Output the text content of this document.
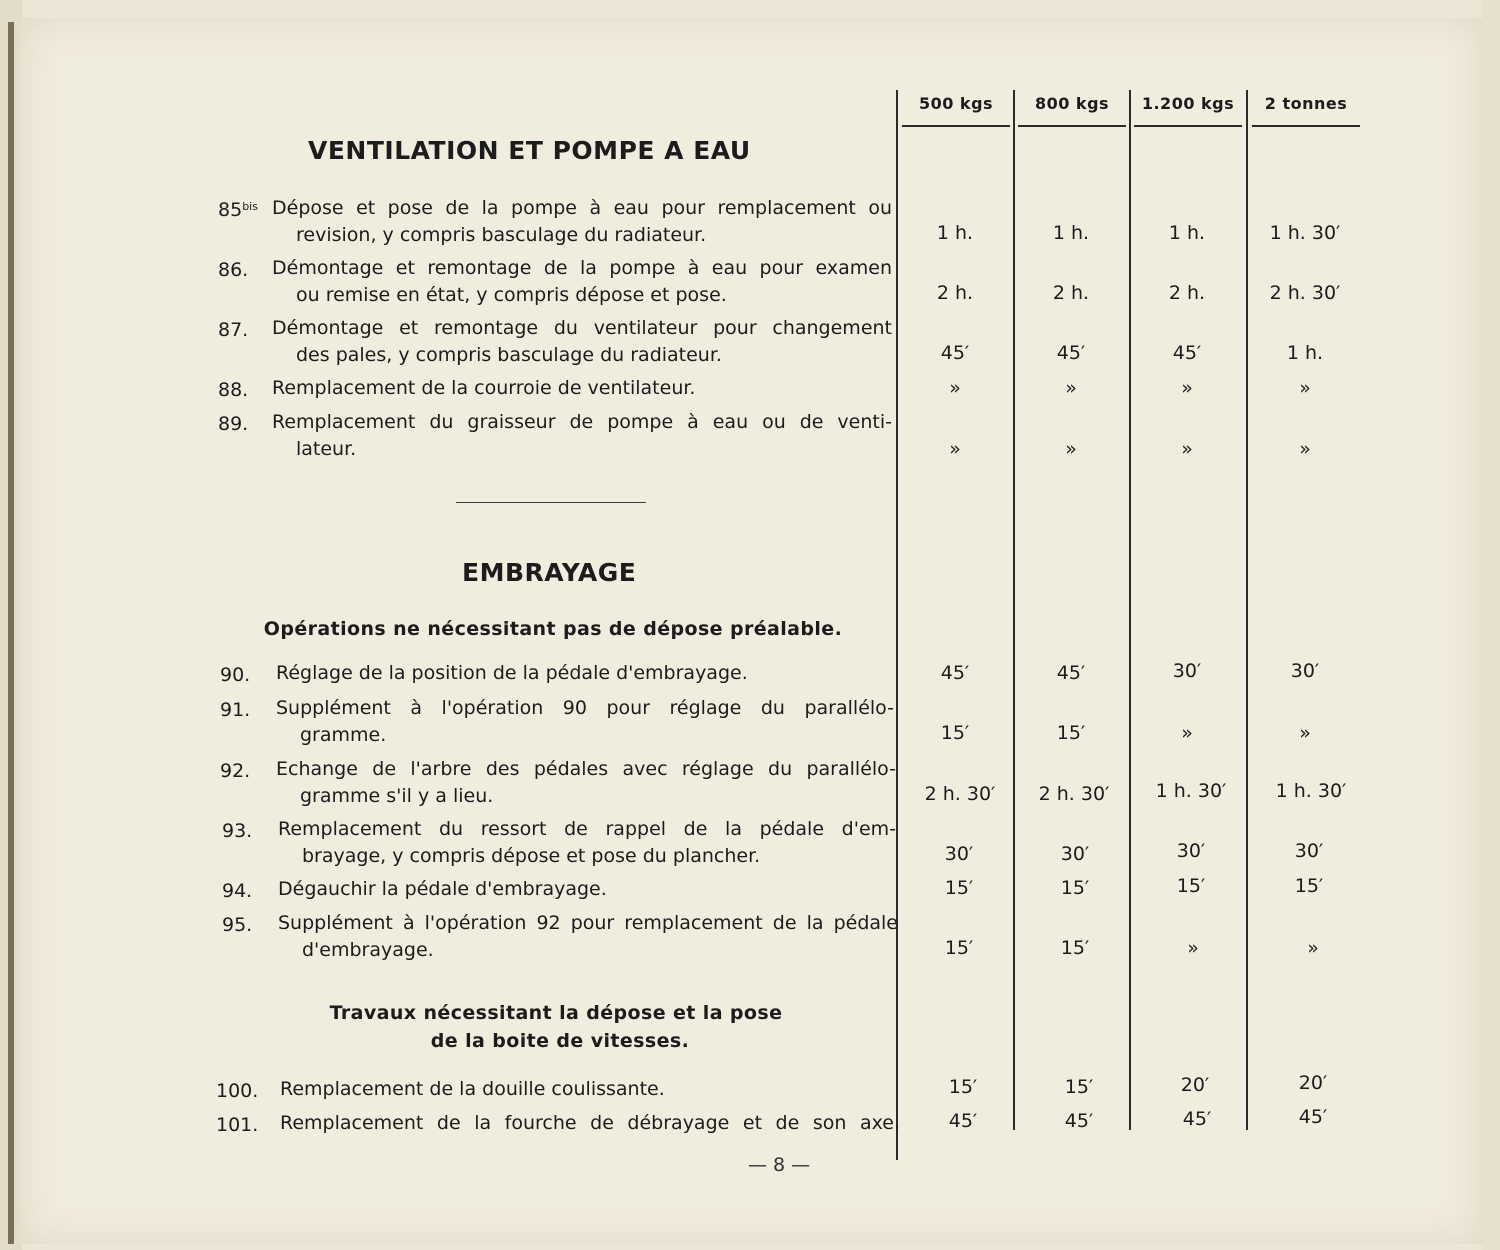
500 kgs	800 kgs	1.200 kgs	2 tonnes
VENTILATION ET POMPE A EAU
$85^{bis}$ Dépose et pose de la pompe à eau pour remplacement ou
revision, y compris basculage du radiateur.	1 h.	1 h.	1 h.	1 h. 30′
86. Démontage et remontage de la pompe à eau pour examen
ou remise en état, y compris dépose et pose.	2 h.	2 h.	2 h.	2 h. 30′
87. Démontage et remontage du ventilateur pour changement
des pales, y compris basculage du radiateur.	45′	45′	45′	1 h.
88. Remplacement de la courroie de ventilateur.	»	»	»	»
89. Remplacement du graisseur de pompe à eau ou de venti-
lateur.	»	»	»	»
EMBRAYAGE
Opérations ne nécessitant pas de dépose préalable.
90. Réglage de la position de la pédale d'embrayage.	45′	45′	30′	30′
91. Supplément à l'opération 90 pour réglage du parallélo-
gramme.	15′	15′	»	»
92. Echange de l'arbre des pédales avec réglage du parallélo-
gramme s'il y a lieu.	2 h. 30′	2 h. 30′	1 h. 30′	1 h. 30′
93. Remplacement du ressort de rappel de la pédale d'em-
brayage, y compris dépose et pose du plancher.	30′	30′	30′	30′
94. Dégauchir la pédale d'embrayage.	15′	15′	15′	15′
95. Supplément à l'opération 92 pour remplacement de la pédale
d'embrayage.	15′	15′	»	»
Travaux nécessitant la dépose et la pose
de la boite de vitesses.
100. Remplacement de la douille coulissante.	15′	15′	20′	20′
101. Remplacement de la fourche de débrayage et de son axe.	45′	45′	45′	45′
— 8 —
